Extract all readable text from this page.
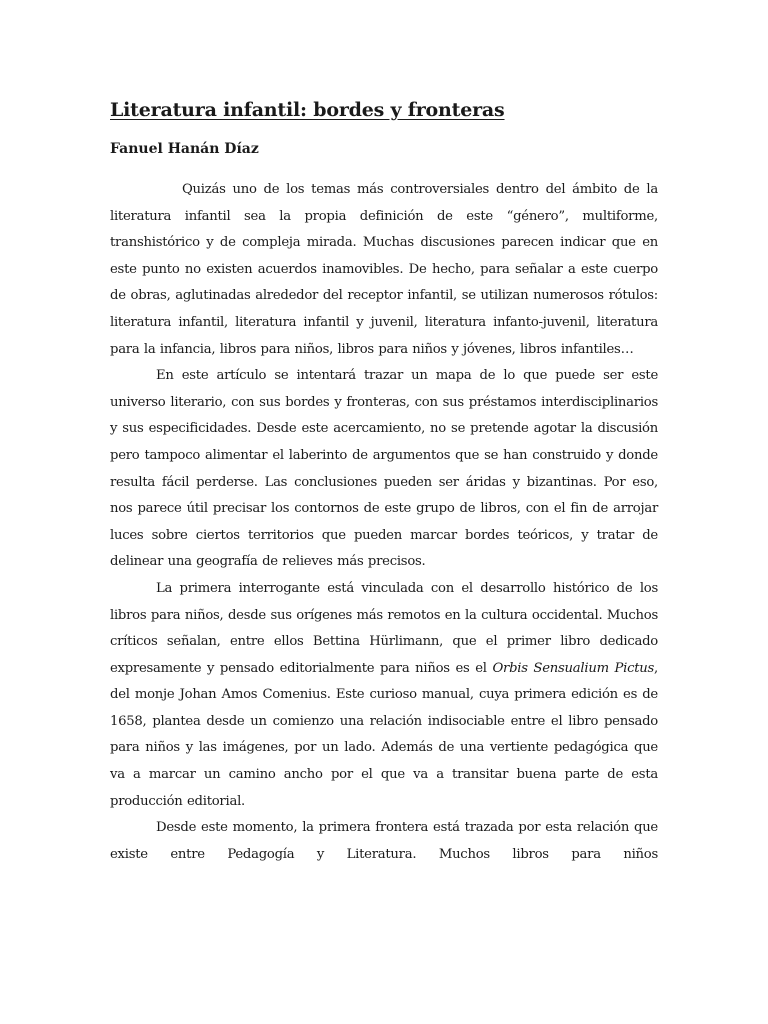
Literatura infantil: bordes y fronteras
Fanuel Hanán Díaz

Quizás uno de los temas más controversiales dentro del ámbito de la literatura infantil sea la propia definición de este “género”, multiforme, transhistórico y de compleja mirada. Muchas discusiones parecen indicar que en este punto no existen acuerdos inamovibles. De hecho, para señalar a este cuerpo de obras, aglutinadas alrededor del receptor infantil, se utilizan numerosos rótulos: literatura infantil, literatura infantil y juvenil, literatura infanto-juvenil, literatura para la infancia, libros para niños, libros para niños y jóvenes, libros infantiles…

En este artículo se intentará trazar un mapa de lo que puede ser este universo literario, con sus bordes y fronteras, con sus préstamos interdisciplinarios y sus especificidades. Desde este acercamiento, no se pretende agotar la discusión pero tampoco alimentar el laberinto de argumentos que se han construido y donde resulta fácil perderse. Las conclusiones pueden ser áridas y bizantinas. Por eso, nos parece útil precisar los contornos de este grupo de libros, con el fin de arrojar luces sobre ciertos territorios que pueden marcar bordes teóricos, y tratar de delinear una geografía de relieves más precisos.

La primera interrogante está vinculada con el desarrollo histórico de los libros para niños, desde sus orígenes más remotos en la cultura occidental. Muchos críticos señalan, entre ellos Bettina Hürlimann, que el primer libro dedicado expresamente y pensado editorialmente para niños es el Orbis Sensualium Pictus, del monje Johan Amos Comenius. Este curioso manual, cuya primera edición es de 1658, plantea desde un comienzo una relación indisociable entre el libro pensado para niños y las imágenes, por un lado. Además de una vertiente pedagógica que va a marcar un camino ancho por el que va a transitar buena parte de esta producción editorial.

Desde este momento, la primera frontera está trazada por esta relación que existe entre Pedagogía y Literatura. Muchos libros para niños
